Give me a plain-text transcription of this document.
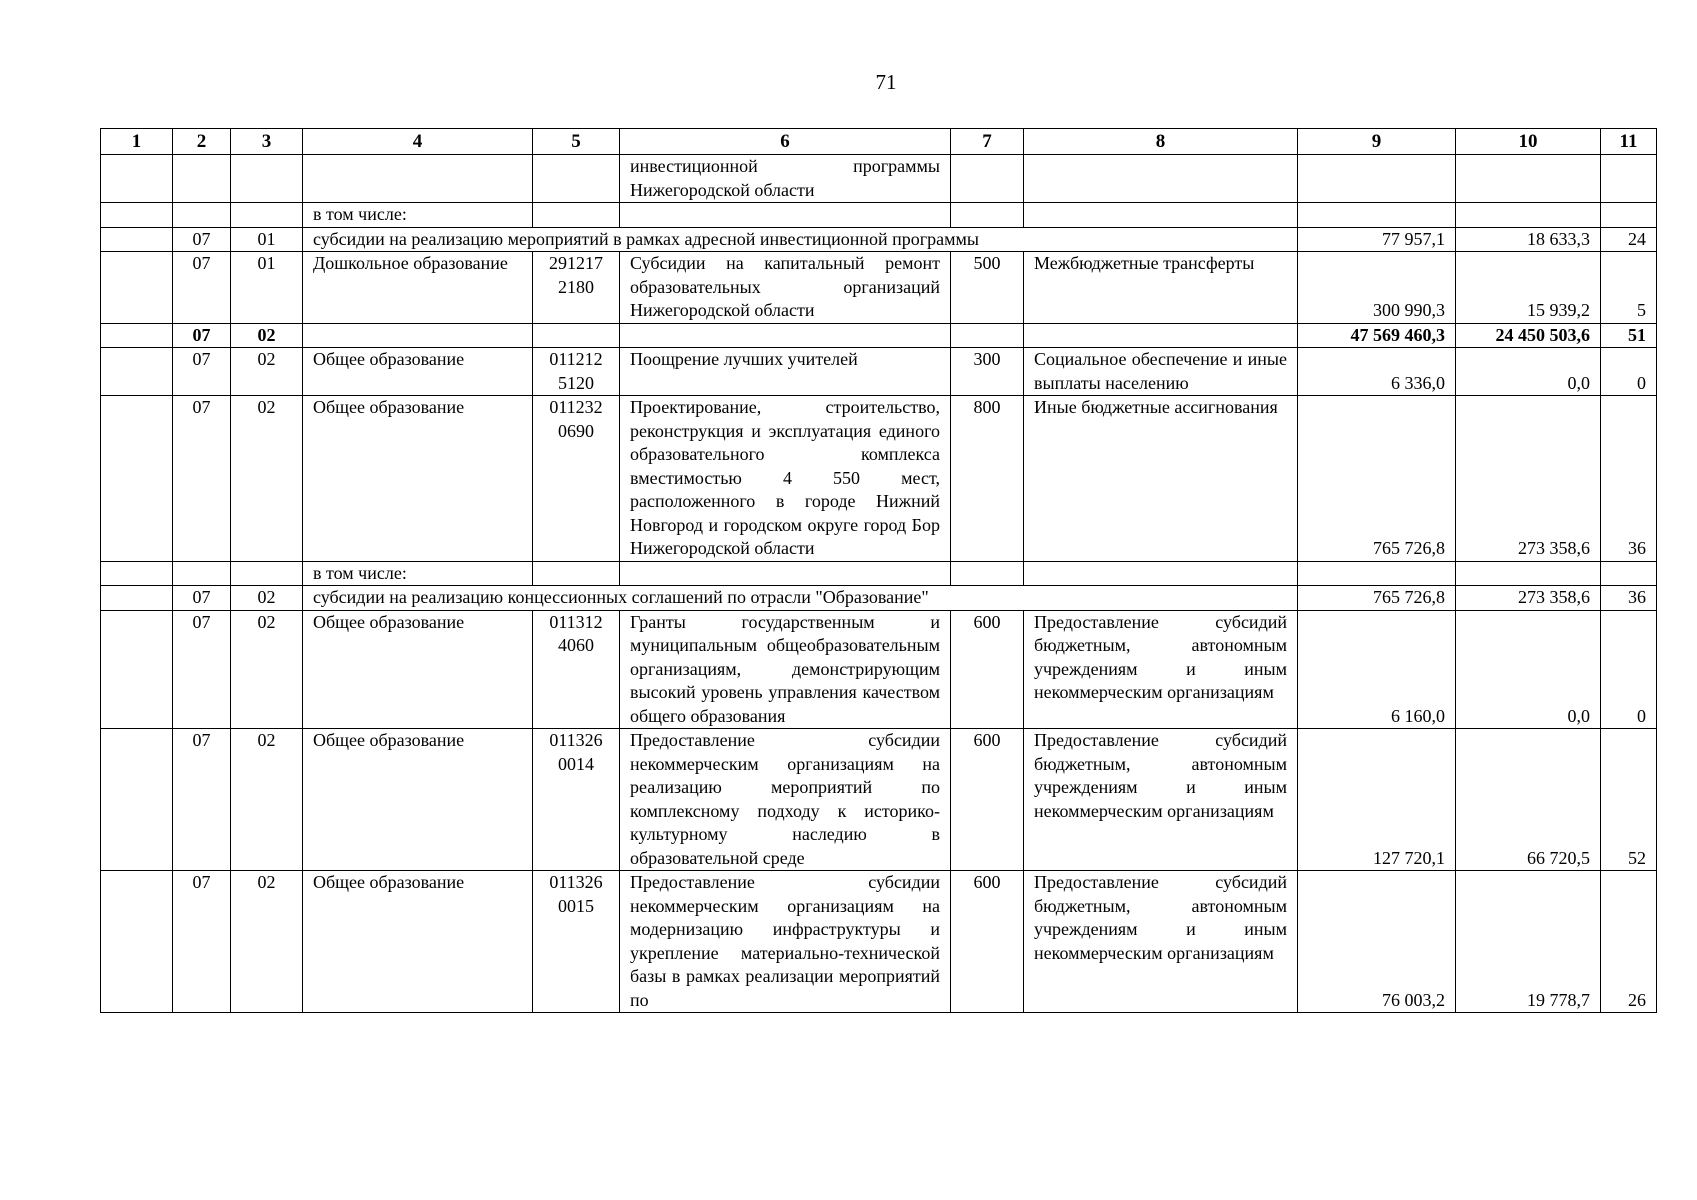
71
1	2	3	4	5	6	7	8	9	10	11
					инвестиционной программы Нижегородской области					
			в том числе:							
	07	01	субсидии на реализацию мероприятий в рамках адресной инвестиционной программы					77 957,1	18 633,3	24
	07	01	Дошкольное образование	291217 2180	Субсидии на капитальный ремонт образовательных организаций Нижегородской области	500	Межбюджетные трансферты	300 990,3	15 939,2	5
	07	02						47 569 460,3	24 450 503,6	51
	07	02	Общее образование	011212 5120	Поощрение лучших учителей	300	Социальное обеспечение и иные выплаты населению	6 336,0	0,0	0
	07	02	Общее образование	011232 0690	Проектирование, строительство, реконструкция и эксплуатация единого образовательного комплекса вместимостью 4 550 мест, расположенного в городе Нижний Новгород и городском округе город Бор Нижегородской области	800	Иные бюджетные ассигнования	765 726,8	273 358,6	36
			в том числе:							
	07	02	субсидии на реализацию концессионных соглашений по отрасли "Образование"					765 726,8	273 358,6	36
	07	02	Общее образование	011312 4060	Гранты государственным и муниципальным общеобразовательным организациям, демонстрирующим высокий уровень управления качеством общего образования	600	Предоставление субсидий бюджетным, автономным учреждениям и иным некоммерческим организациям	6 160,0	0,0	0
	07	02	Общее образование	011326 0014	Предоставление субсидии некоммерческим организациям на реализацию мероприятий по комплексному подходу к историко-культурному наследию в образовательной среде	600	Предоставление субсидий бюджетным, автономным учреждениям и иным некоммерческим организациям	127 720,1	66 720,5	52
	07	02	Общее образование	011326 0015	Предоставление субсидии некоммерческим организациям на модернизацию инфраструктуры и укрепление материально-технической базы в рамках реализации мероприятий по	600	Предоставление субсидий бюджетным, автономным учреждениям и иным некоммерческим организациям	76 003,2	19 778,7	26
